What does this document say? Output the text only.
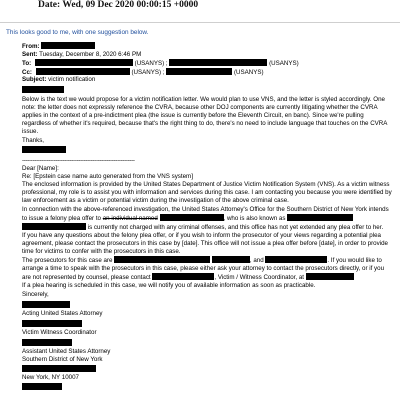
Date: Wed, 09 Dec 2020 00:00:15 +0000
This looks good to me, with one suggestion below.
From:
Sent: Tuesday, December 8, 2020 6:46 PM
To:	(USANYS) ;	(USANYS)
Cc:	(USANYS) ;	(USANYS)
Subject: victim notification

Below is the text we would propose for a victim notification letter. We would plan to use VNS, and the letter is styled accordingly. One note: the letter does not expressly reference the CVRA, because other DOJ components are currently litigating whether the CVRA applies in the context of a pre-indictment plea (the issue is currently before the Eleventh Circuit, en banc). Since we're pulling regardless of whether it's required, because that's the right thing to do, there's no need to include language that touches on the CVRA issue.

Thanks,

----------------------------------------------------------------

Dear [Name]:

Re: [Epstein case name auto generated from the VNS system]

The enclosed information is provided by the United States Department of Justice Victim Notification System (VNS). As a victim witness professional, my role is to assist you with information and services during this case. I am contacting you because you were identified by law enforcement as a victim or potential victim during the investigation of the above criminal case.

In connection with the above-referenced investigation, the United States Attorney's Office for the Southern District of New York intends to issue a felony plea offer to an individual named	, who is also known as   is currently not charged with any criminal offenses, and this office has not yet extended any plea offer to her.

If you have any questions about the felony plea offer, or if you wish to inform the prosecutor of your views regarding a potential plea agreement, please contact the prosecutors in this case by [date]. This office will not issue a plea offer before [date], in order to provide time for victims to confer with the prosecutors in this case.

The prosecutors for this case are	, and	. If you would like to arrange a time to speak with the prosecutors in this case, please either ask your attorney to contact the prosecutors directly, or if you are not represented by counsel, please contact	, Victim / Witness Coordinator, at

If a plea hearing is scheduled in this case, we will notify you of available information as soon as practicable.

Sincerely,

Acting United States Attorney

Victim Witness Coordinator

Assistant United States Attorney

Southern District of New York

New York, NY 10007
